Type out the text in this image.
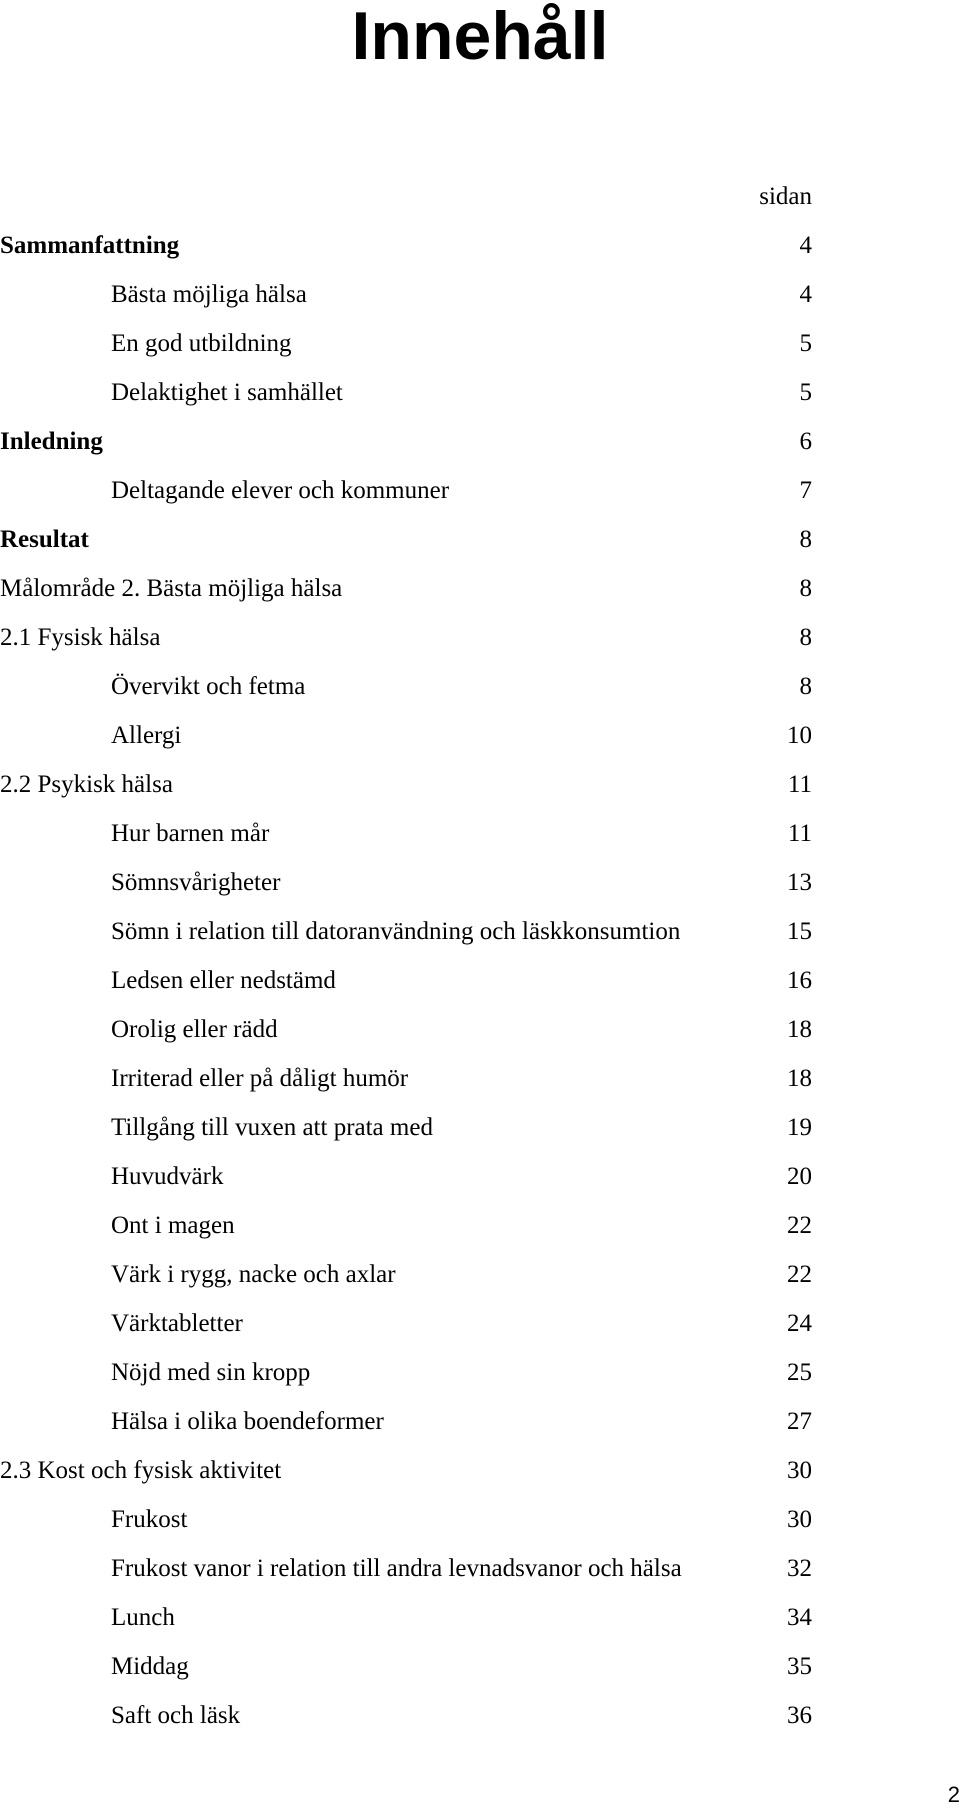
Innehåll
sidan
Sammanfattning	4
Bästa möjliga hälsa	4
En god utbildning	5
Delaktighet i samhället	5
Inledning	6
Deltagande elever och kommuner	7
Resultat	8
Målområde 2. Bästa möjliga hälsa	8
2.1 Fysisk hälsa	8
Övervikt och fetma	8
Allergi	10
2.2 Psykisk hälsa	11
Hur barnen mår	11
Sömnsvårigheter	13
Sömn i relation till datoranvändning och läskkonsumtion	15
Ledsen eller nedstämd	16
Orolig eller rädd	18
Irriterad eller på dåligt humör	18
Tillgång till vuxen att prata med	19
Huvudvärk	20
Ont i magen	22
Värk i rygg, nacke och axlar	22
Värktabletter	24
Nöjd med sin kropp	25
Hälsa i olika boendeformer	27
2.3 Kost och fysisk aktivitet	30
Frukost	30
Frukost vanor i relation till andra levnadsvanor och hälsa	32
Lunch	34
Middag	35
Saft och läsk	36
2
